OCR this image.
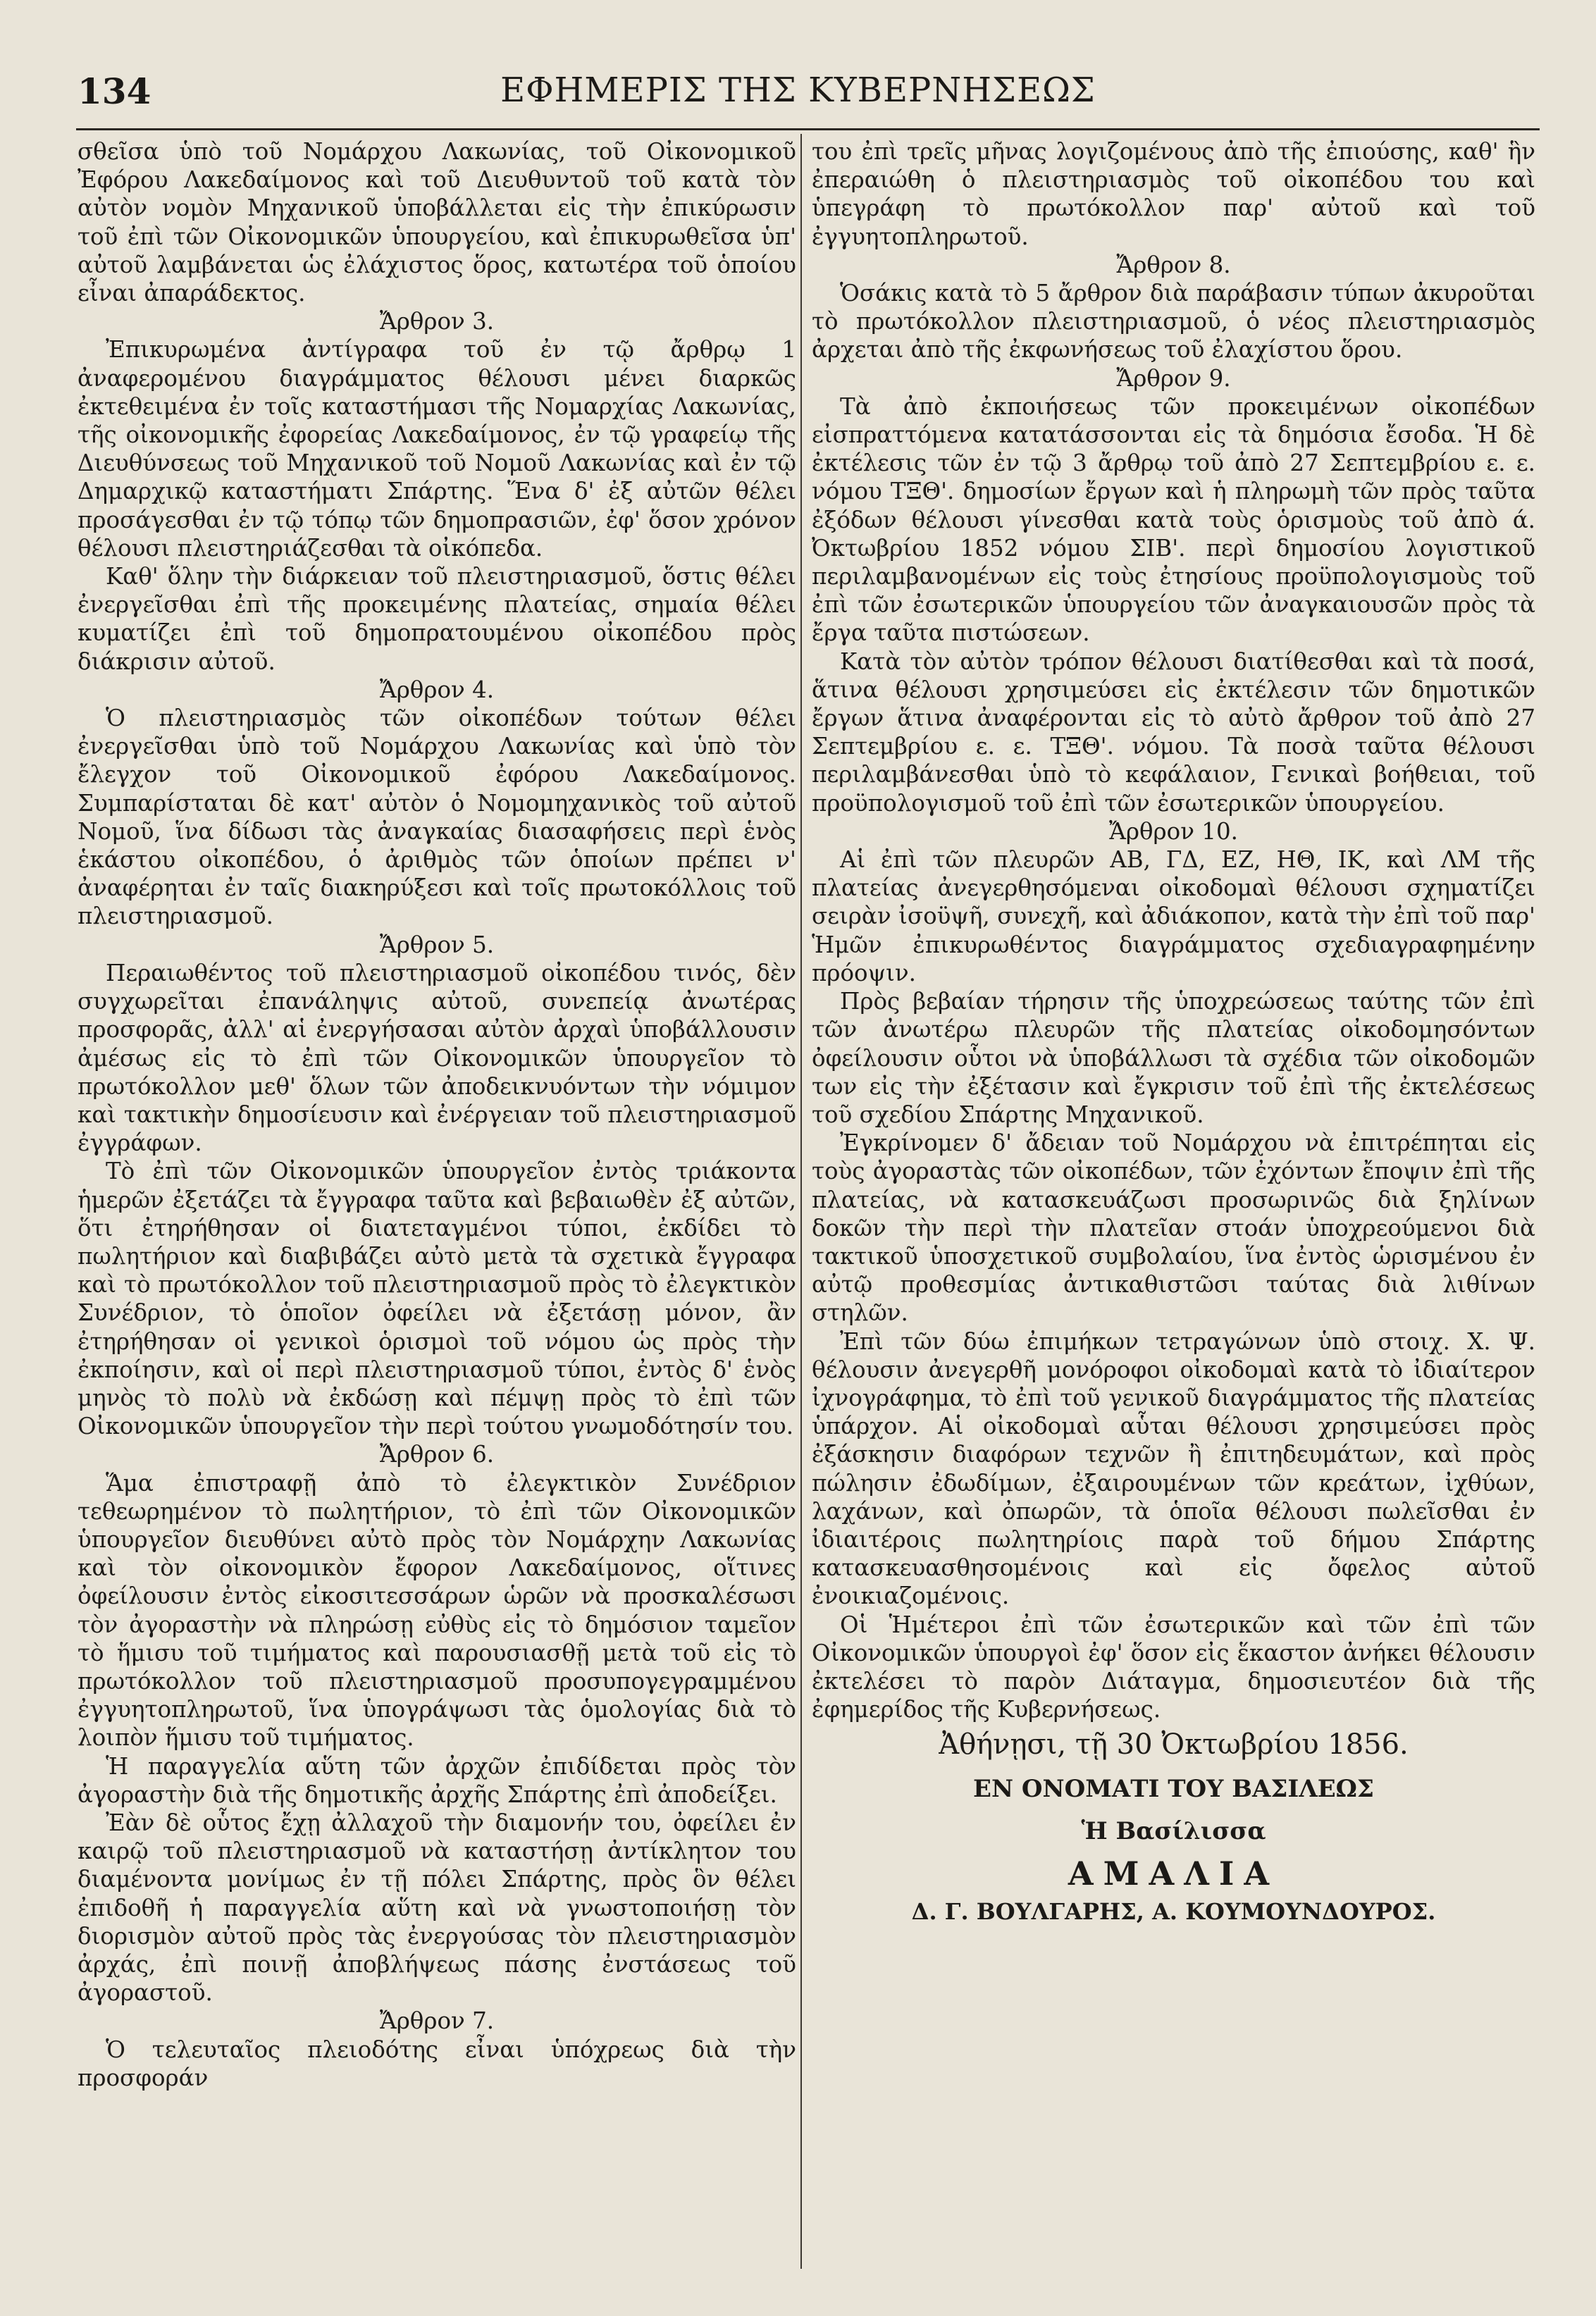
134	ΕΦΗΜΕΡΙΣ ΤΗΣ ΚΥΒΕΡΝΗΣΕΩΣ

σθεῖσα ὑπὸ τοῦ Νομάρχου Λακωνίας, τοῦ Οἰκονομικοῦ Ἐφόρου Λακεδαίμονος καὶ τοῦ Διευθυντοῦ τοῦ κατὰ τὸν αὐτὸν νομὸν Μηχανικοῦ ὑποβάλλεται εἰς τὴν ἐπικύρωσιν τοῦ ἐπὶ τῶν Οἰκονομικῶν ὑπουργείου, καὶ ἐπικυρωθεῖσα ὑπ' αὐτοῦ λαμβάνεται ὡς ἐλάχιστος ὅρος, κατωτέρα τοῦ ὁποίου εἶναι ἀπαράδεκτος.

Ἄρθρον 3.

Ἐπικυρωμένα ἀντίγραφα τοῦ ἐν τῷ ἄρθρῳ 1 ἀναφερομένου διαγράμματος θέλουσι μένει διαρκῶς ἐκτεθειμένα ἐν τοῖς καταστήμασι τῆς Νομαρχίας Λακωνίας, τῆς οἰκονομικῆς ἐφορείας Λακεδαίμονος, ἐν τῷ γραφείῳ τῆς Διευθύνσεως τοῦ Μηχανικοῦ τοῦ Νομοῦ Λακωνίας καὶ ἐν τῷ Δημαρχικῷ καταστήματι Σπάρτης. Ἕνα δ' ἐξ αὐτῶν θέλει προσάγεσθαι ἐν τῷ τόπῳ τῶν δημοπρασιῶν, ἐφ' ὅσον χρόνον θέλουσι πλειστηριάζεσθαι τὰ οἰκόπεδα.

Καθ' ὅλην τὴν διάρκειαν τοῦ πλειστηριασμοῦ, ὅστις θέλει ἐνεργεῖσθαι ἐπὶ τῆς προκειμένης πλατείας, σημαία θέλει κυματίζει ἐπὶ τοῦ δημοπρατουμένου οἰκοπέδου πρὸς διάκρισιν αὐτοῦ.

Ἄρθρον 4.

Ὁ πλειστηριασμὸς τῶν οἰκοπέδων τούτων θέλει ἐνεργεῖσθαι ὑπὸ τοῦ Νομάρχου Λακωνίας καὶ ὑπὸ τὸν ἔλεγχον τοῦ Οἰκονομικοῦ ἐφόρου Λακεδαίμονος. Συμπαρίσταται δὲ κατ' αὐτὸν ὁ Νομομηχανικὸς τοῦ αὐτοῦ Νομοῦ, ἵνα δίδωσι τὰς ἀναγκαίας διασαφήσεις περὶ ἑνὸς ἑκάστου οἰκοπέδου, ὁ ἀριθμὸς τῶν ὁποίων πρέπει ν' ἀναφέρηται ἐν ταῖς διακηρύξεσι καὶ τοῖς πρωτοκόλλοις τοῦ πλειστηριασμοῦ.

Ἄρθρον 5.

Περαιωθέντος τοῦ πλειστηριασμοῦ οἰκοπέδου τινός, δὲν συγχωρεῖται ἐπανάληψις αὐτοῦ, συνεπείᾳ ἀνωτέρας προσφορᾶς, ἀλλ' αἱ ἐνεργήσασαι αὐτὸν ἀρχαὶ ὑποβάλλουσιν ἀμέσως εἰς τὸ ἐπὶ τῶν Οἰκονομικῶν ὑπουργεῖον τὸ πρωτόκολλον μεθ' ὅλων τῶν ἀποδεικνυόντων τὴν νόμιμον καὶ τακτικὴν δημοσίευσιν καὶ ἐνέργειαν τοῦ πλειστηριασμοῦ ἐγγράφων.

Τὸ ἐπὶ τῶν Οἰκονομικῶν ὑπουργεῖον ἐντὸς τριάκοντα ἡμερῶν ἐξετάζει τὰ ἔγγραφα ταῦτα καὶ βεβαιωθὲν ἐξ αὐτῶν, ὅτι ἐτηρήθησαν οἱ διατεταγμένοι τύποι, ἐκδίδει τὸ πωλητήριον καὶ διαβιβάζει αὐτὸ μετὰ τὰ σχετικὰ ἔγγραφα καὶ τὸ πρωτόκολλον τοῦ πλειστηριασμοῦ πρὸς τὸ ἐλεγκτικὸν Συνέδριον, τὸ ὁποῖον ὀφείλει νὰ ἐξετάσῃ μόνον, ἂν ἐτηρήθησαν οἱ γενικοὶ ὁρισμοὶ τοῦ νόμου ὡς πρὸς τὴν ἐκποίησιν, καὶ οἱ περὶ πλειστηριασμοῦ τύποι, ἐντὸς δ' ἑνὸς μηνὸς τὸ πολὺ νὰ ἐκδώσῃ καὶ πέμψῃ πρὸς τὸ ἐπὶ τῶν Οἰκονομικῶν ὑπουργεῖον τὴν περὶ τούτου γνωμοδότησίν του.

Ἄρθρον 6.

Ἅμα ἐπιστραφῇ ἀπὸ τὸ ἐλεγκτικὸν Συνέδριον τεθεωρημένον τὸ πωλητήριον, τὸ ἐπὶ τῶν Οἰκονομικῶν ὑπουργεῖον διευθύνει αὐτὸ πρὸς τὸν Νομάρχην Λακωνίας καὶ τὸν οἰκονομικὸν ἔφορον Λακεδαίμονος, οἵτινες ὀφείλουσιν ἐντὸς εἰκοσιτεσσάρων ὡρῶν νὰ προσκαλέσωσι τὸν ἀγοραστὴν νὰ πληρώσῃ εὐθὺς εἰς τὸ δημόσιον ταμεῖον τὸ ἥμισυ τοῦ τιμήματος καὶ παρουσιασθῇ μετὰ τοῦ εἰς τὸ πρωτόκολλον τοῦ πλειστηριασμοῦ προσυπογεγραμμένου ἐγγυητοπληρωτοῦ, ἵνα ὑπογράψωσι τὰς ὁμολογίας διὰ τὸ λοιπὸν ἥμισυ τοῦ τιμήματος.

Ἡ παραγγελία αὕτη τῶν ἀρχῶν ἐπιδίδεται πρὸς τὸν ἀγοραστὴν διὰ τῆς δημοτικῆς ἀρχῆς Σπάρτης ἐπὶ ἀποδείξει.

Ἐὰν δὲ οὗτος ἔχῃ ἀλλαχοῦ τὴν διαμονήν του, ὀφείλει ἐν καιρῷ τοῦ πλειστηριασμοῦ νὰ καταστήσῃ ἀντίκλητον του διαμένοντα μονίμως ἐν τῇ πόλει Σπάρτης, πρὸς ὃν θέλει ἐπιδοθῆ ἡ παραγγελία αὕτη καὶ νὰ γνωστοποιήσῃ τὸν διορισμὸν αὐτοῦ πρὸς τὰς ἐνεργούσας τὸν πλειστηριασμὸν ἀρχάς, ἐπὶ ποινῇ ἀποβλήψεως πάσης ἐνστάσεως τοῦ ἀγοραστοῦ.

Ἄρθρον 7.

Ὁ τελευταῖος πλειοδότης εἶναι ὑπόχρεως διὰ τὴν προσφοράν

του ἐπὶ τρεῖς μῆνας λογιζομένους ἀπὸ τῆς ἐπιούσης, καθ' ἣν ἐπεραιώθη ὁ πλειστηριασμὸς τοῦ οἰκοπέδου του καὶ ὑπεγράφη τὸ πρωτόκολλον παρ' αὐτοῦ καὶ τοῦ ἐγγυητοπληρωτοῦ.

Ἄρθρον 8.

Ὁσάκις κατὰ τὸ 5 ἄρθρον διὰ παράβασιν τύπων ἀκυροῦται τὸ πρωτόκολλον πλειστηριασμοῦ, ὁ νέος πλειστηριασμὸς ἀρχεται ἀπὸ τῆς ἐκφωνήσεως τοῦ ἐλαχίστου ὅρου.

Ἄρθρον 9.

Τὰ ἀπὸ ἐκποιήσεως τῶν προκειμένων οἰκοπέδων εἰσπραττόμενα κατατάσσονται εἰς τὰ δημόσια ἔσοδα. Ἡ δὲ ἐκτέλεσις τῶν ἐν τῷ 3 ἄρθρῳ τοῦ ἀπὸ 27 Σεπτεμβρίου ε. ε. νόμου ΤΞΘ'. δημοσίων ἔργων καὶ ἡ πληρωμὴ τῶν πρὸς ταῦτα ἐξόδων θέλουσι γίνεσθαι κατὰ τοὺς ὁρισμοὺς τοῦ ἀπὸ ά. Ὀκτωβρίου 1852 νόμου ΣΙΒ'. περὶ δημοσίου λογιστικοῦ περιλαμβανομένων εἰς τοὺς ἐτησίους προϋπολογισμοὺς τοῦ ἐπὶ τῶν ἐσωτερικῶν ὑπουργείου τῶν ἀναγκαιουσῶν πρὸς τὰ ἔργα ταῦτα πιστώσεων.

Κατὰ τὸν αὐτὸν τρόπον θέλουσι διατίθεσθαι καὶ τὰ ποσά, ἅτινα θέλουσι χρησιμεύσει εἰς ἐκτέλεσιν τῶν δημοτικῶν ἔργων ἅτινα ἀναφέρονται εἰς τὸ αὐτὸ ἄρθρον τοῦ ἀπὸ 27 Σεπτεμβρίου ε. ε. ΤΞΘ'. νόμου. Τὰ ποσὰ ταῦτα θέλουσι περιλαμβάνεσθαι ὑπὸ τὸ κεφάλαιον, Γενικαὶ βοήθειαι, τοῦ προϋπολογισμοῦ τοῦ ἐπὶ τῶν ἐσωτερικῶν ὑπουργείου.

Ἄρθρον 10.

Αἱ ἐπὶ τῶν πλευρῶν ΑΒ, ΓΔ, ΕΖ, ΗΘ, ΙΚ, καὶ ΛΜ τῆς πλατείας ἀνεγερθησόμεναι οἰκοδομαὶ θέλουσι σχηματίζει σειρὰν ἰσοϋψῆ, συνεχῆ, καὶ ἀδιάκοπον, κατὰ τὴν ἐπὶ τοῦ παρ' Ἡμῶν ἐπικυρωθέντος διαγράμματος σχεδιαγραφημένην πρόοψιν.

Πρὸς βεβαίαν τήρησιν τῆς ὑποχρεώσεως ταύτης τῶν ἐπὶ τῶν ἀνωτέρω πλευρῶν τῆς πλατείας οἰκοδομησόντων ὀφείλουσιν οὗτοι νὰ ὑποβάλλωσι τὰ σχέδια τῶν οἰκοδομῶν των εἰς τὴν ἐξέτασιν καὶ ἔγκρισιν τοῦ ἐπὶ τῆς ἐκτελέσεως τοῦ σχεδίου Σπάρτης Μηχανικοῦ.

Ἐγκρίνομεν δ' ἄδειαν τοῦ Νομάρχου νὰ ἐπιτρέπηται εἰς τοὺς ἀγοραστὰς τῶν οἰκοπέδων, τῶν ἐχόντων ἔποψιν ἐπὶ τῆς πλατείας, νὰ κατασκευάζωσι προσωρινῶς διὰ ξηλίνων δοκῶν τὴν περὶ τὴν πλατεῖαν στοάν ὑποχρεούμενοι διὰ τακτικοῦ ὑποσχετικοῦ συμβολαίου, ἵνα ἐντὸς ὡρισμένου ἐν αὐτῷ προθεσμίας ἀντικαθιστῶσι ταύτας διὰ λιθίνων στηλῶν.

Ἐπὶ τῶν δύω ἐπιμήκων τετραγώνων ὑπὸ στοιχ. Χ. Ψ. θέλουσιν ἀνεγερθῆ μονόροφοι οἰκοδομαὶ κατὰ τὸ ἰδιαίτερον ἰχνογράφημα, τὸ ἐπὶ τοῦ γενικοῦ διαγράμματος τῆς πλατείας ὑπάρχον. Αἱ οἰκοδομαὶ αὗται θέλουσι χρησιμεύσει πρὸς ἐξάσκησιν διαφόρων τεχνῶν ἢ ἐπιτηδευμάτων, καὶ πρὸς πώλησιν ἐδωδίμων, ἐξαιρουμένων τῶν κρεάτων, ἰχθύων, λαχάνων, καὶ ὀπωρῶν, τὰ ὁποῖα θέλουσι πωλεῖσθαι ἐν ἰδιαιτέροις πωλητηρίοις παρὰ τοῦ δήμου Σπάρτης κατασκευασθησομένοις καὶ εἰς ὄφελος αὐτοῦ ἐνοικιαζομένοις.

Οἱ Ἡμέτεροι ἐπὶ τῶν ἐσωτερικῶν καὶ τῶν ἐπὶ τῶν Οἰκονομικῶν ὑπουργοὶ ἐφ' ὅσον εἰς ἕκαστον ἀνήκει θέλουσιν ἐκτελέσει τὸ παρὸν Διάταγμα, δημοσιευτέον διὰ τῆς ἐφημερίδος τῆς Κυβερνήσεως.

Ἀθήνῃσι, τῇ 30 Ὀκτωβρίου 1856.

ΕΝ ΟΝΟΜΑΤΙ ΤΟΥ ΒΑΣΙΛΕΩΣ

Ἡ Βασίλισσα

ΑΜΑΛΙΑ

Δ. Γ. ΒΟΥΛΓΑΡΗΣ, Α. ΚΟΥΜΟΥΝΔΟΥΡΟΣ.
